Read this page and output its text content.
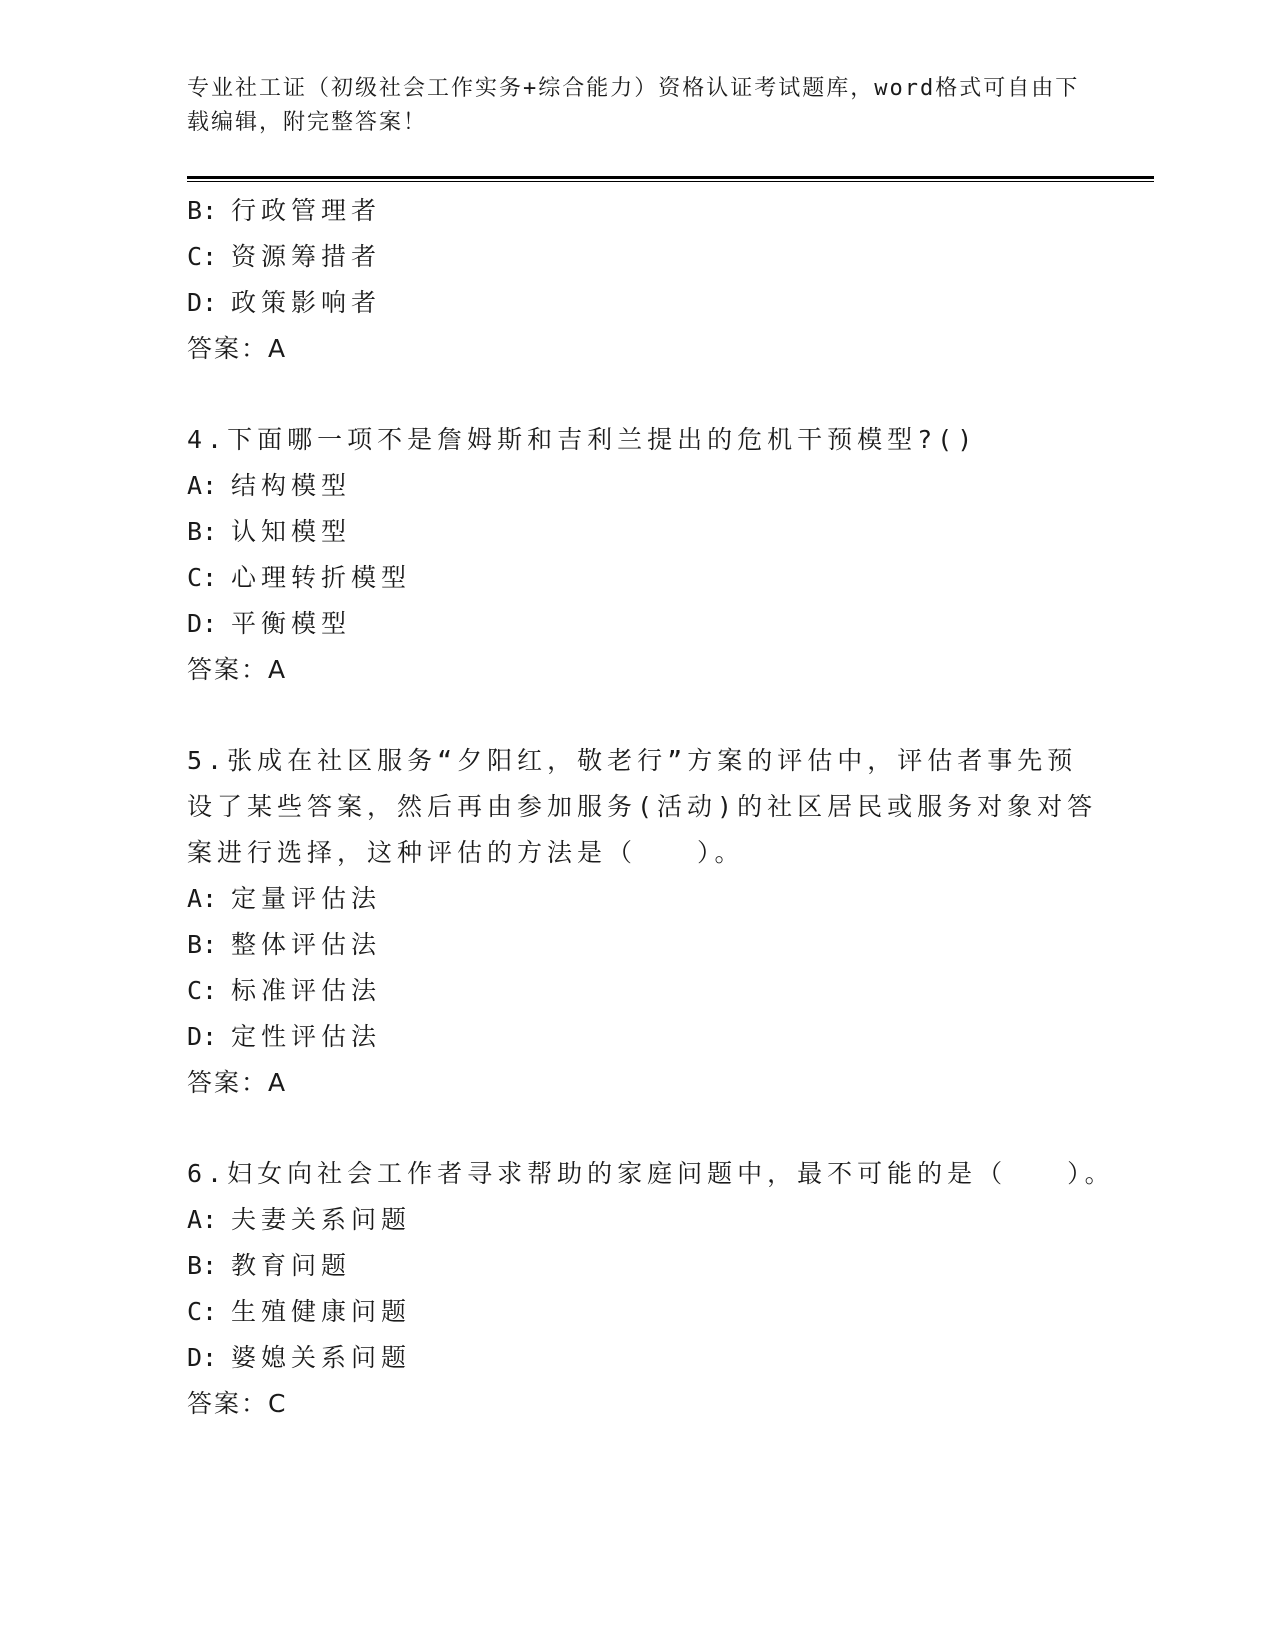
专业社工证（初级社会工作实务+综合能力）资格认证考试题库，word格式可自由下载编辑，附完整答案！
B: 行政管理者
C: 资源筹措者
D: 政策影响者
答案：A
4.下面哪一项不是詹姆斯和吉利兰提出的危机干预模型?()
A: 结构模型
B: 认知模型
C: 心理转折模型
D: 平衡模型
答案：A
5.张成在社区服务“夕阳红，敬老行”方案的评估中，评估者事先预
设了某些答案，然后再由参加服务(活动)的社区居民或服务对象对答
案进行选择，这种评估的方法是（　　）。
A: 定量评估法
B: 整体评估法
C: 标准评估法
D: 定性评估法
答案：A
6.妇女向社会工作者寻求帮助的家庭问题中，最不可能的是（　　）。
A: 夫妻关系问题
B: 教育问题
C: 生殖健康问题
D: 婆媳关系问题
答案：C
